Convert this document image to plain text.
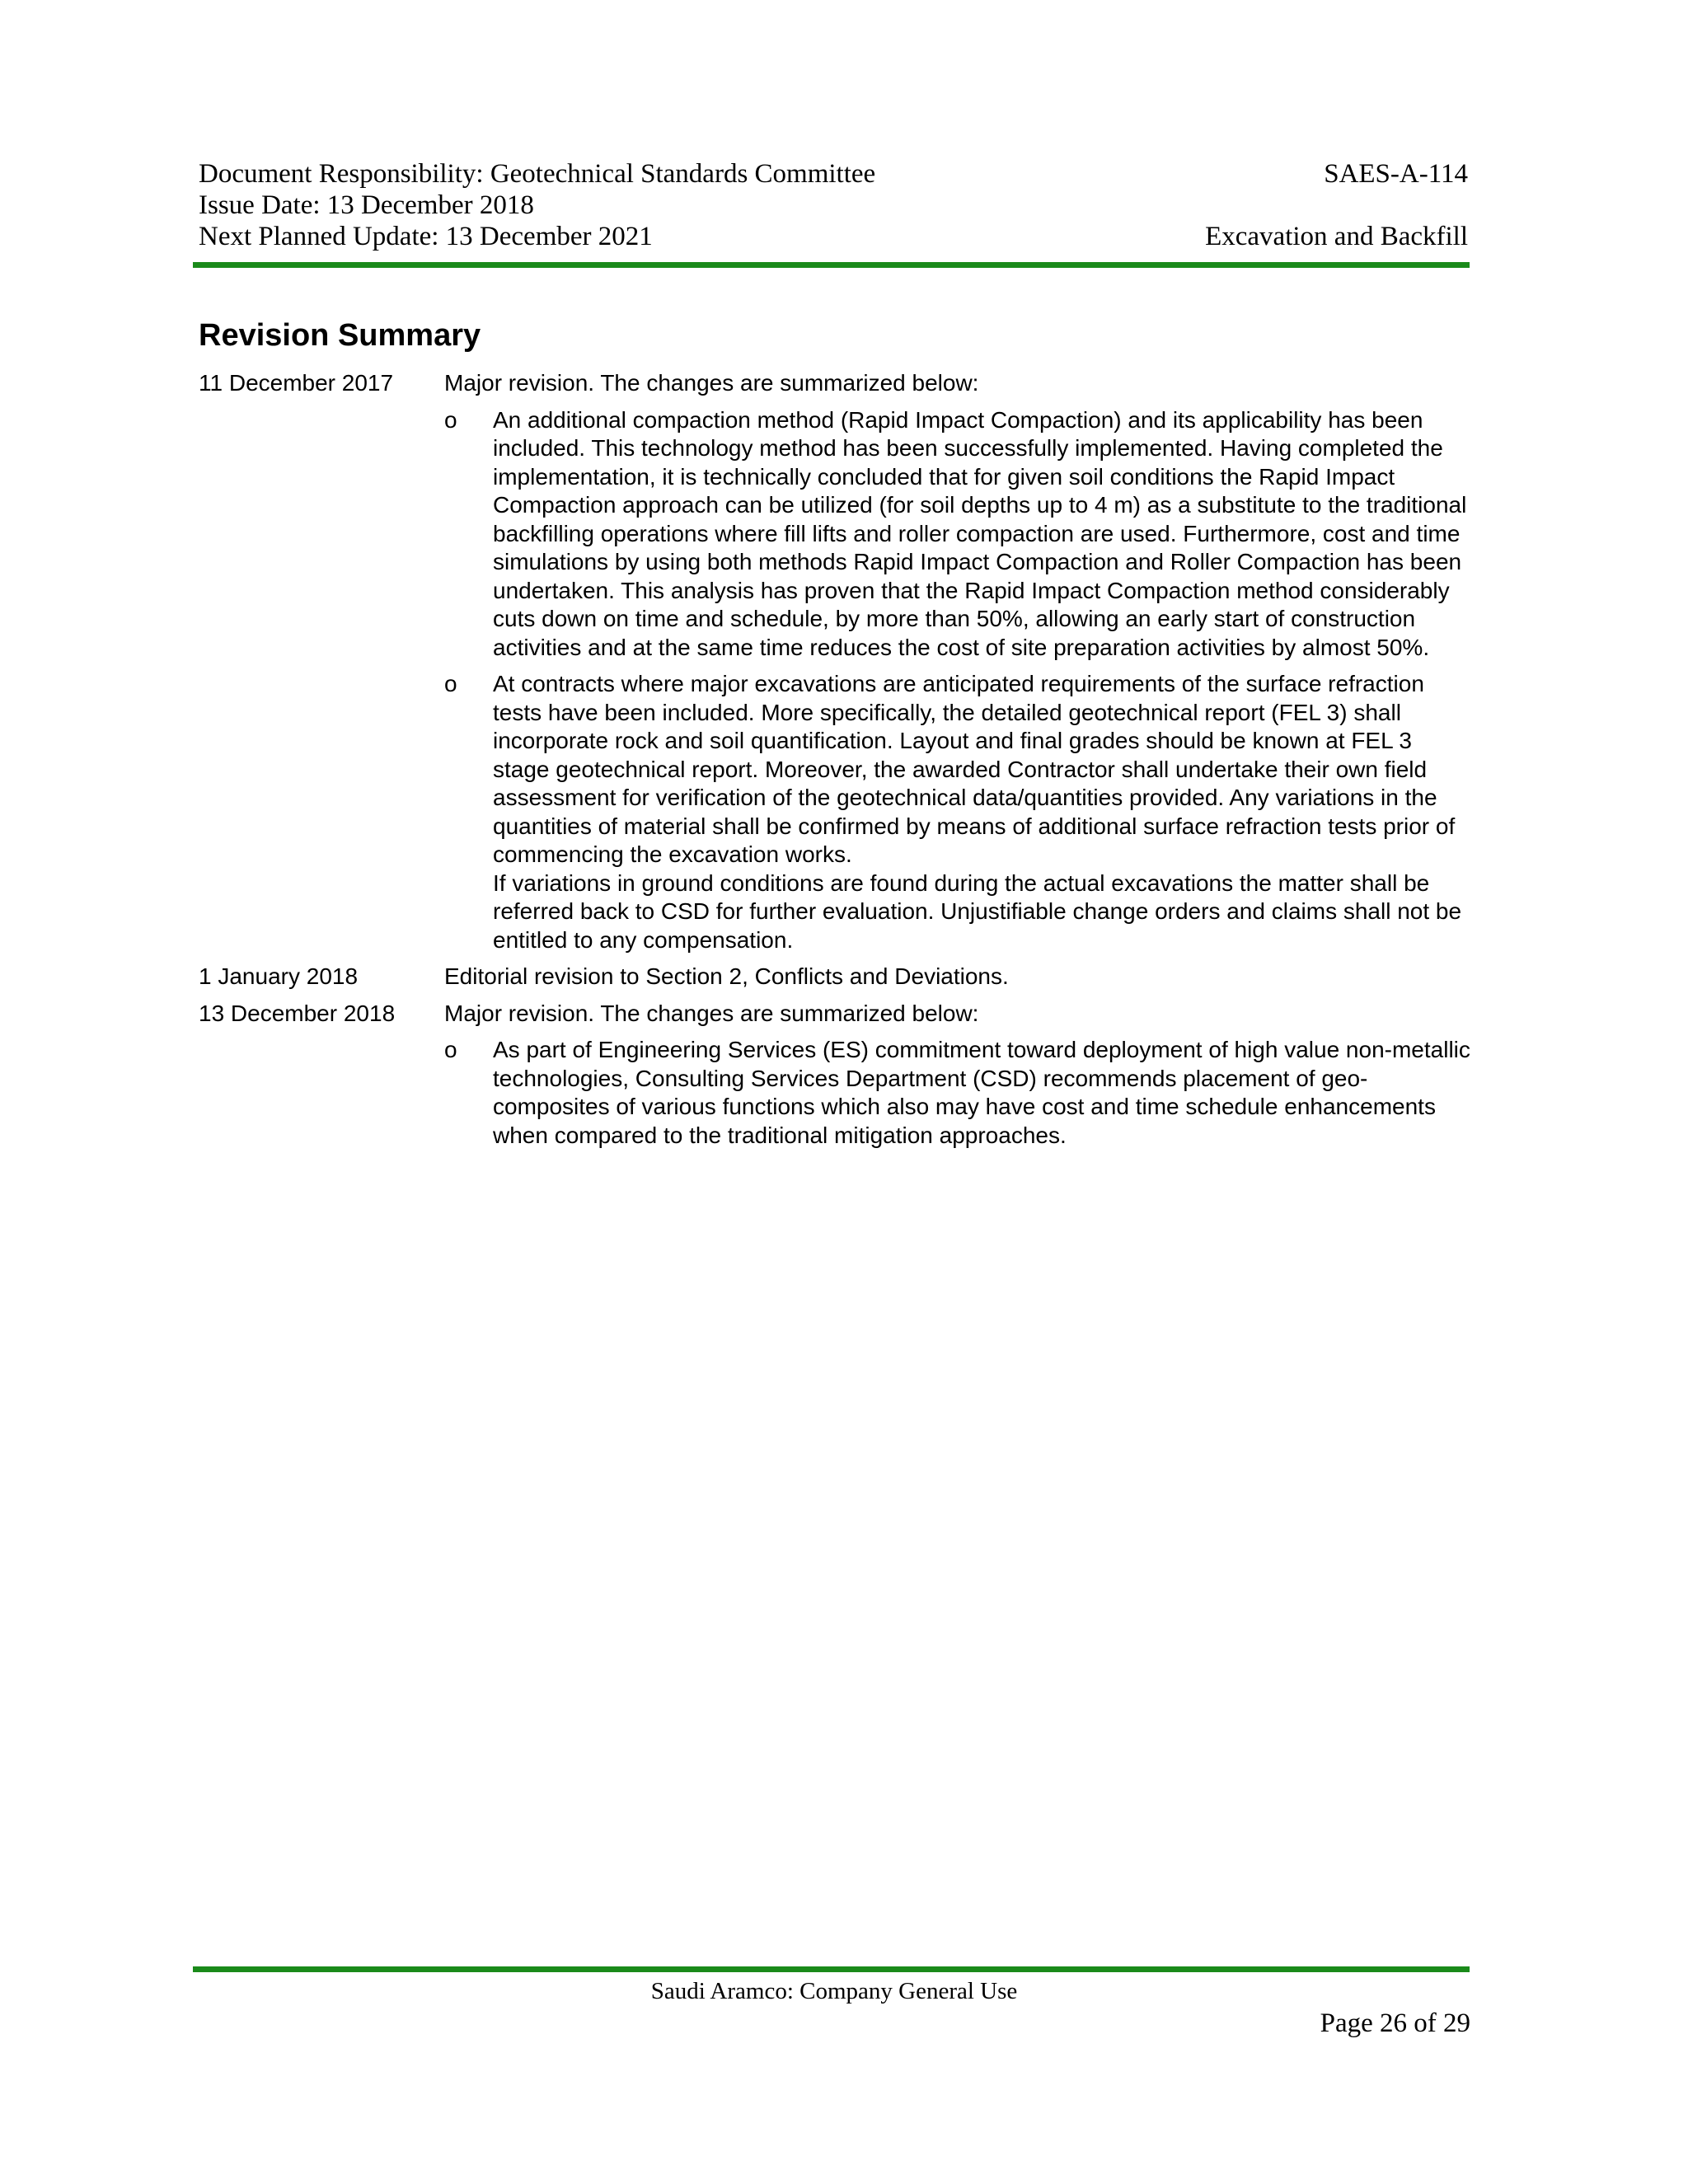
Document Responsibility: Geotechnical Standards Committee	SAES-A-114
Issue Date: 13 December 2018
Next Planned Update: 13 December 2021	Excavation and Backfill
Revision Summary
11 December 2017	Major revision. The changes are summarized below:
o	An additional compaction method (Rapid Impact Compaction) and its applicability has been included. This technology method has been successfully implemented. Having completed the implementation, it is technically concluded that for given soil conditions the Rapid Impact Compaction approach can be utilized (for soil depths up to 4 m) as a substitute to the traditional backfilling operations where fill lifts and roller compaction are used. Furthermore, cost and time simulations by using both methods Rapid Impact Compaction and Roller Compaction has been undertaken. This analysis has proven that the Rapid Impact Compaction method considerably cuts down on time and schedule, by more than 50%, allowing an early start of construction activities and at the same time reduces the cost of site preparation activities by almost 50%.
o	At contracts where major excavations are anticipated requirements of the surface refraction tests have been included. More specifically, the detailed geotechnical report (FEL 3) shall incorporate rock and soil quantification. Layout and final grades should be known at FEL 3 stage geotechnical report. Moreover, the awarded Contractor shall undertake their own field assessment for verification of the geotechnical data/quantities provided. Any variations in the quantities of material shall be confirmed by means of additional surface refraction tests prior of commencing the excavation works.
If variations in ground conditions are found during the actual excavations the matter shall be referred back to CSD for further evaluation. Unjustifiable change orders and claims shall not be entitled to any compensation.
1 January 2018	Editorial revision to Section 2, Conflicts and Deviations.
13 December 2018	Major revision. The changes are summarized below:
o	As part of Engineering Services (ES) commitment toward deployment of high value non-metallic technologies, Consulting Services Department (CSD) recommends placement of geo-composites of various functions which also may have cost and time schedule enhancements when compared to the traditional mitigation approaches.
Saudi Aramco: Company General Use
Page 26 of 29
